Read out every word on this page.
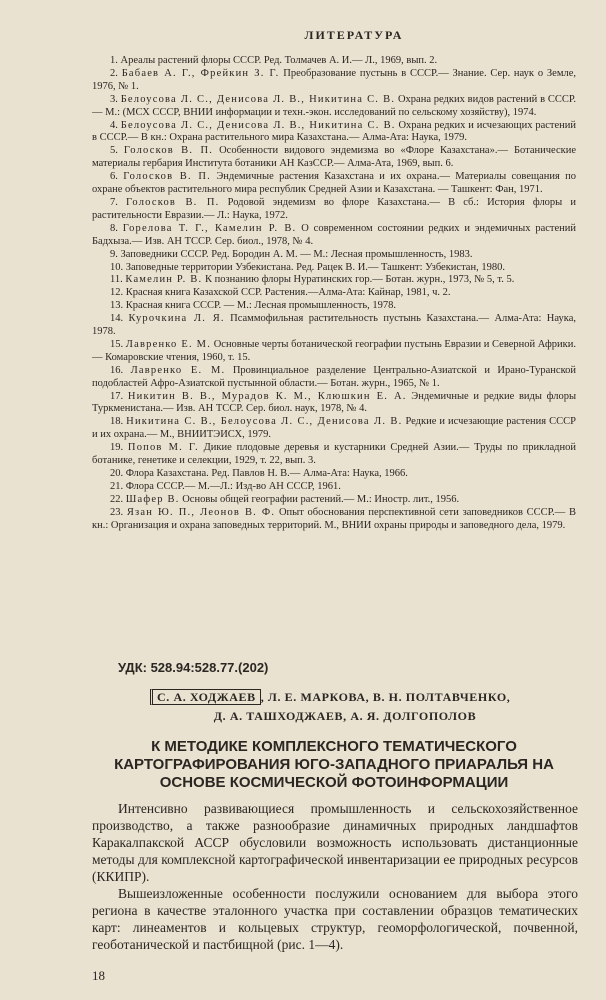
ЛИТЕРАТУРА

1. Ареалы растений флоры СССР. Ред. Толмачев А. И.— Л., 1969, вып. 2.

2. Бабаев А. Г., Фрейкин З. Г. Преобразование пустынь в СССР.— Знание. Сер. наук о Земле, 1976, № 1.

3. Белоусова Л. С., Денисова Л. В., Никитина С. В. Охрана редких видов растений в СССР.— М.: (МСХ СССР, ВНИИ информации и техн.-экон. исследований по сельскому хозяйству), 1974.

4. Белоусова Л. С., Денисова Л. В., Никитина С. В. Охрана редких и исчезающих растений в СССР.— В кн.: Охрана растительного мира Казахстана.— Алма-Ата: Наука, 1979.

5. Голосков В. П. Особенности видового эндемизма во «Флоре Казахстана».— Ботанические материалы гербария Института ботаники АН КазССР.— Алма-Ата, 1969, вып. 6.

6. Голосков В. П. Эндемичные растения Казахстана и их охрана.— Материалы совещания по охране объектов растительного мира республик Средней Азии и Казахстана. — Ташкент: Фан, 1971.

7. Голосков В. П. Родовой эндемизм во флоре Казахстана.— В сб.: История флоры и растительности Евразии.— Л.: Наука, 1972.

8. Горелова Т. Г., Камелин Р. В. О современном состоянии редких и эндемичных растений Бадхыза.— Изв. АН ТССР. Сер. биол., 1978, № 4.

9. Заповедники СССР. Ред. Бородин А. М. — М.: Лесная промышленность, 1983.

10. Заповедные территории Узбекистана. Ред. Рацек В. И.— Ташкент: Узбекистан, 1980.

11. Камелин Р. В. К познанию флоры Нуратинских гор.— Ботан. журн., 1973, № 5, т. 5.

12. Красная книга Казахской ССР. Растения.—Алма-Ата: Кайнар, 1981, ч. 2.

13. Красная книга СССР. — М.: Лесная промышленность, 1978.

14. Курочкина Л. Я. Псаммофильная растительность пустынь Казахстана.— Алма-Ата: Наука, 1978.

15. Лавренко Е. М. Основные черты ботанической географии пустынь Евразии и Северной Африки.— Комаровские чтения, 1960, т. 15.

16. Лавренко Е. М. Провинциальное разделение Центрально-Азиатской и Ирано-Туранской подобластей Афро-Азиатской пустынной области.— Ботан. журн., 1965, № 1.

17. Никитин В. В., Мурадов К. М., Клюшкин Е. А. Эндемичные и редкие виды флоры Туркменистана.— Изв. АН ТССР. Сер. биол. наук, 1978, № 4.

18. Никитина С. В., Белоусова Л. С., Денисова Л. В. Редкие и исчезающие растения СССР и их охрана.— М., ВНИИТЭИСХ, 1979.

19. Попов М. Г. Дикие плодовые деревья и кустарники Средней Азии.— Труды по прикладной ботанике, генетике и селекции, 1929, т. 22, вып. 3.

20. Флора Казахстана. Ред. Павлов Н. В.— Алма-Ата: Наука, 1966.

21. Флора СССР.— М.—Л.: Изд-во АН СССР, 1961.

22. Шафер В. Основы общей географии растений.— М.: Иностр. лит., 1956.

23. Язан Ю. П., Леонов В. Ф. Опыт обоснования перспективной сети заповедников СССР.— В кн.: Организация и охрана заповедных территорий. М., ВНИИ охраны природы и заповедного дела, 1979.

УДК: 528.94:528.77.(202)
С. А. ХОДЖАЕВ , Л. Е. МАРКОВА, В. Н. ПОЛТАВЧЕНКО,
Д. А. ТАШХОДЖАЕВ, А. Я. ДОЛГОПОЛОВ
К МЕТОДИКЕ КОМПЛЕКСНОГО ТЕМАТИЧЕСКОГО КАРТОГРАФИРОВАНИЯ ЮГО-ЗАПАДНОГО ПРИАРАЛЬЯ НА ОСНОВЕ КОСМИЧЕСКОЙ ФОТОИНФОРМАЦИИ

Интенсивно развивающиеся промышленность и сельскохозяйственное производство, а также разнообразие динамичных природных ландшафтов Каракалпакской АССР обусловили возможность использовать дистанционные методы для комплексной картографической инвентаризации ее природных ресурсов (ККИПР).

Вышеизложенные особенности послужили основанием для выбора этого региона в качестве эталонного участка при составлении образцов тематических карт: линеаментов и кольцевых структур, геоморфологической, почвенной, геоботанической и пастбищной (рис. 1—4).

18
